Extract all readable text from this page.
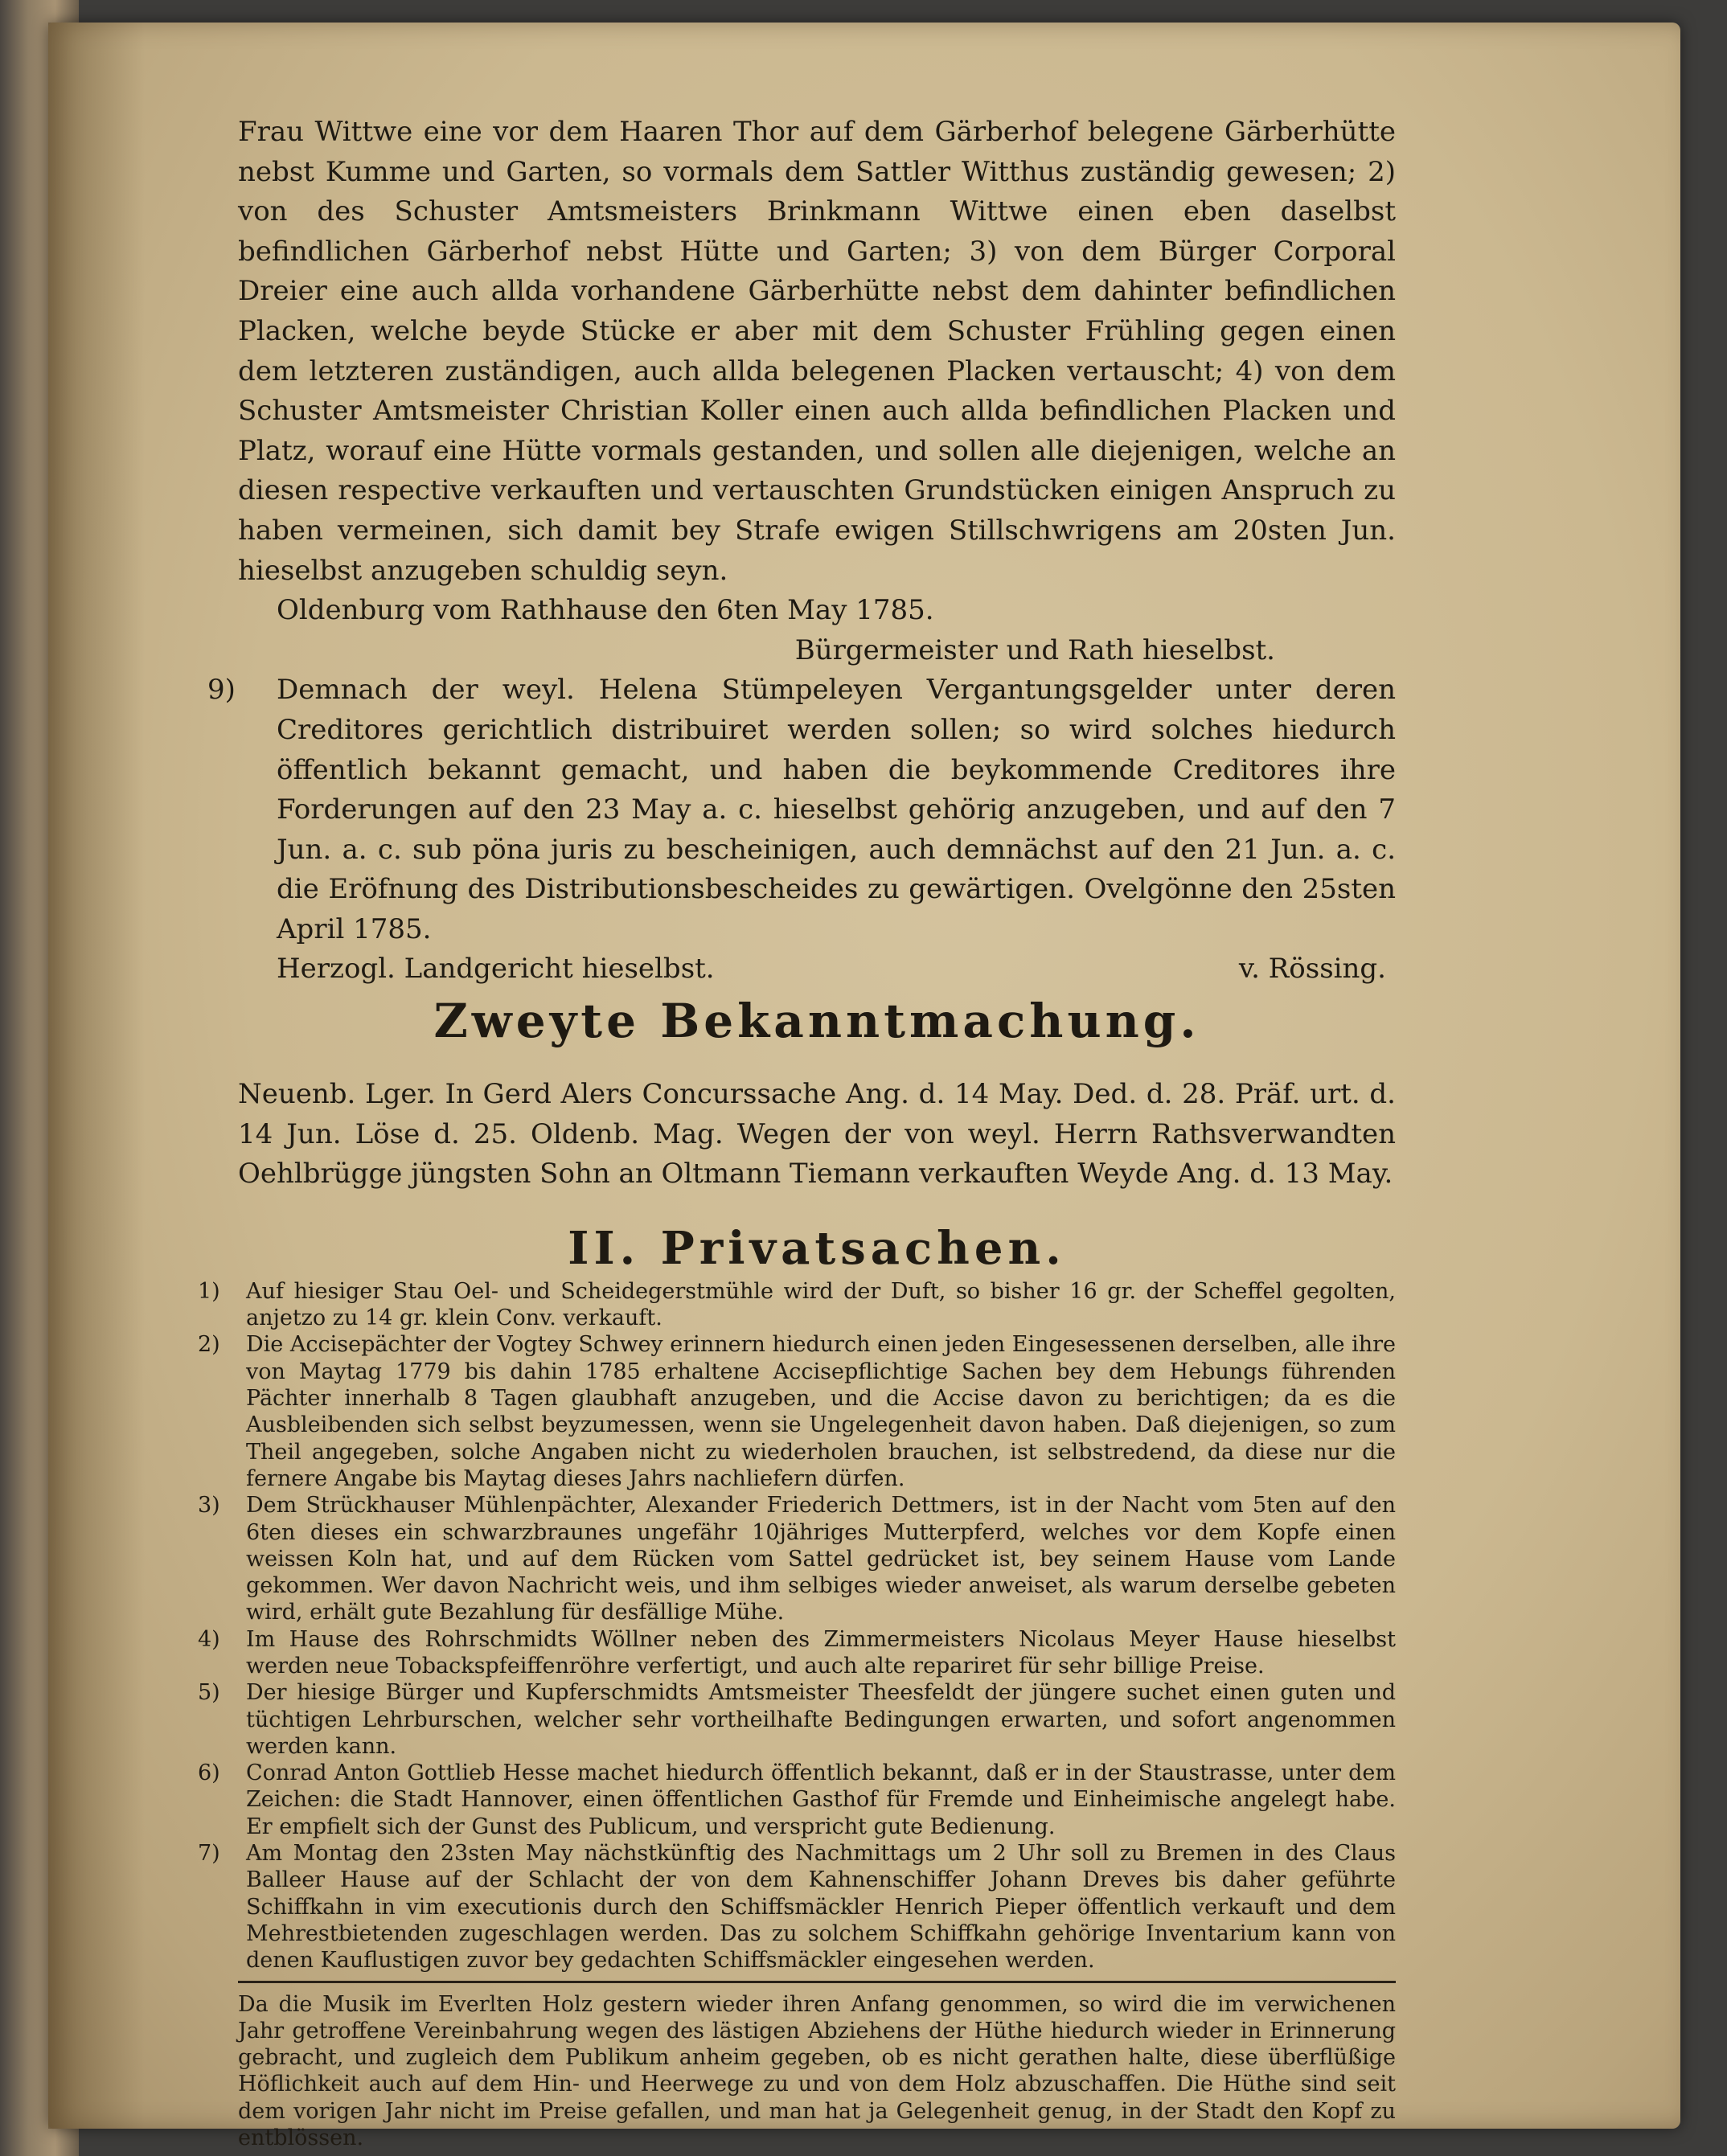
Frau Wittwe eine vor dem Haaren Thor auf dem Gärberhof belegene Gärberhütte nebst Kumme und Garten, so vormals dem Sattler Witthus zuständig gewesen; 2) von des Schuster Amtsmeisters Brinkmann Wittwe einen eben daselbst befindlichen Gärberhof nebst Hütte und Garten; 3) von dem Bürger Corporal Dreier eine auch allda vorhandene Gärberhütte nebst dem dahinter befindlichen Placken, welche beyde Stücke er aber mit dem Schuster Frühling gegen einen dem letzteren zuständigen, auch allda belegenen Placken vertauscht; 4) von dem Schuster Amtsmeister Christian Koller einen auch allda befindlichen Placken und Platz, worauf eine Hütte vormals gestanden, und sollen alle diejenigen, welche an diesen respective verkauften und vertauschten Grundstücken einigen Anspruch zu haben vermeinen, sich damit bey Strafe ewigen Stillschwrigens am 20sten Jun. hieselbst anzugeben schuldig seyn.

Oldenburg vom Rathhause den 6ten May 1785.

Bürgermeister und Rath hieselbst.

9)	Demnach der weyl. Helena Stümpeleyen Vergantungsgelder unter deren Creditores gerichtlich distribuiret werden sollen; so wird solches hiedurch öffentlich bekannt gemacht, und haben die beykommende Creditores ihre Forderungen auf den 23 May a. c. hieselbst gehörig anzugeben, und auf den 7 Jun. a. c. sub pöna juris zu bescheinigen, auch demnächst auf den 21 Jun. a. c. die Eröfnung des Distributionsbescheides zu gewärtigen. Ovelgönne den 25sten April 1785.

Herzogl. Landgericht hieselbst.	v. Rössing.
Zweyte Bekanntmachung.

Neuenb. Lger. In Gerd Alers Concurssache Ang. d. 14 May. Ded. d. 28. Präf. urt. d. 14 Jun. Löse d. 25. Oldenb. Mag. Wegen der von weyl. Herrn Rathsverwandten Oehlbrügge jüngsten Sohn an Oltmann Tiemann verkauften Weyde Ang. d. 13 May.

II. Privatsachen.
1) Auf hiesiger Stau Oel- und Scheidegerstmühle wird der Duft, so bisher 16 gr. der Scheffel gegolten, anjetzo zu 14 gr. klein Conv. verkauft.

2) Die Accisepächter der Vogtey Schwey erinnern hiedurch einen jeden Eingesessenen derselben, alle ihre von Maytag 1779 bis dahin 1785 erhaltene Accisepflichtige Sachen bey dem Hebungs führenden Pächter innerhalb 8 Tagen glaubhaft anzugeben, und die Accise davon zu berichtigen; da es die Ausbleibenden sich selbst beyzumessen, wenn sie Ungelegenheit davon haben. Daß diejenigen, so zum Theil angegeben, solche Angaben nicht zu wiederholen brauchen, ist selbstredend, da diese nur die fernere Angabe bis Maytag dieses Jahrs nachliefern dürfen.

3) Dem Strückhauser Mühlenpächter, Alexander Friederich Dettmers, ist in der Nacht vom 5ten auf den 6ten dieses ein schwarzbraunes ungefähr 10jähriges Mutterpferd, welches vor dem Kopfe einen weissen Koln hat, und auf dem Rücken vom Sattel gedrücket ist, bey seinem Hause vom Lande gekommen. Wer davon Nachricht weis, und ihm selbiges wieder anweiset, als warum derselbe gebeten wird, erhält gute Bezahlung für desfällige Mühe.

4) Im Hause des Rohrschmidts Wöllner neben des Zimmermeisters Nicolaus Meyer Hause hieselbst werden neue Tobackspfeiffenröhre verfertigt, und auch alte repariret für sehr billige Preise.

5) Der hiesige Bürger und Kupferschmidts Amtsmeister Theesfeldt der jüngere suchet einen guten und tüchtigen Lehrburschen, welcher sehr vortheilhafte Bedingungen erwarten, und sofort angenommen werden kann.

6) Conrad Anton Gottlieb Hesse machet hiedurch öffentlich bekannt, daß er in der Staustrasse, unter dem Zeichen: die Stadt Hannover, einen öffentlichen Gasthof für Fremde und Einheimische angelegt habe. Er empfielt sich der Gunst des Publicum, und verspricht gute Bedienung.

7) Am Montag den 23sten May nächstkünftig des Nachmittags um 2 Uhr soll zu Bremen in des Claus Balleer Hause auf der Schlacht der von dem Kahnenschiffer Johann Dreves bis daher geführte Schiffkahn in vim executionis durch den Schiffsmäckler Henrich Pieper öffentlich verkauft und dem Mehrestbietenden zugeschlagen werden. Das zu solchem Schiffkahn gehörige Inventarium kann von denen Kauflustigen zuvor bey gedachten Schiffsmäckler eingesehen werden.

Da die Musik im Everlten Holz gestern wieder ihren Anfang genommen, so wird die im verwichenen Jahr getroffene Vereinbahrung wegen des lästigen Abziehens der Hüthe hiedurch wieder in Erinnerung gebracht, und zugleich dem Publikum anheim gegeben, ob es nicht gerathen halte, diese überflüßige Höflichkeit auch auf dem Hin- und Heerwege zu und von dem Holz abzuschaffen. Die Hüthe sind seit dem vorigen Jahr nicht im Preise gefallen, und man hat ja Gelegenheit genug, in der Stadt den Kopf zu entblössen.
